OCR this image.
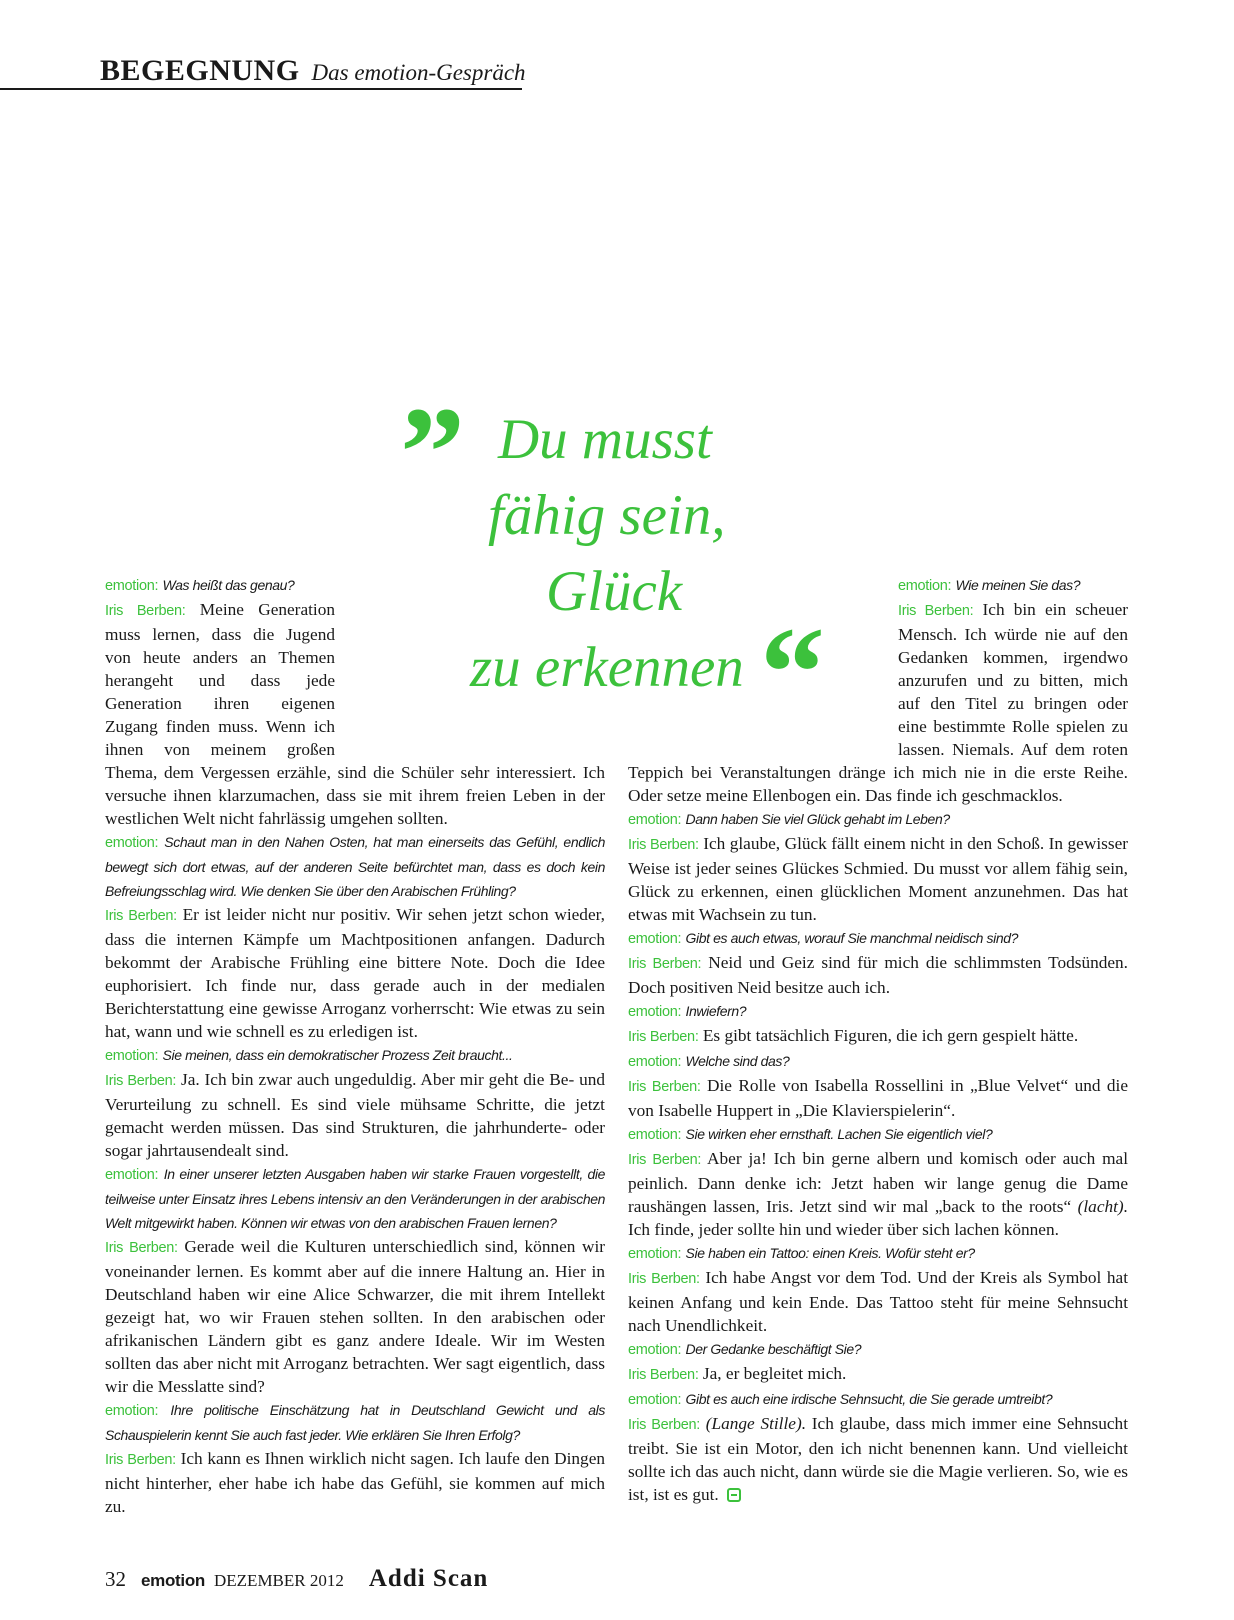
BEGEGNUNG Das emotion-Gespräch
” Du musst
fähig sein,
Glück
zu erkennen “

emotion: Was heißt das genau?

Iris Berben: Meine Generation muss lernen, dass die Jugend von heute anders an Themen herangeht und dass jede Generation ihren eigenen Zugang finden muss. Wenn ich ihnen von meinem großen Thema, dem Vergessen erzähle, sind die Schüler sehr interessiert. Ich versuche ihnen klarzumachen, dass sie mit ihrem freien Leben in der westlichen Welt nicht fahrlässig umgehen sollten.

emotion: Schaut man in den Nahen Osten, hat man einerseits das Gefühl, endlich bewegt sich dort etwas, auf der anderen Seite befürchtet man, dass es doch kein Befreiungsschlag wird. Wie denken Sie über den Arabischen Frühling?

Iris Berben: Er ist leider nicht nur positiv. Wir sehen jetzt schon wieder, dass die internen Kämpfe um Machtpositionen anfangen. Dadurch bekommt der Arabische Frühling eine bittere Note. Doch die Idee euphorisiert. Ich finde nur, dass gerade auch in der medialen Berichterstattung eine gewisse Arroganz vorherrscht: Wie etwas zu sein hat, wann und wie schnell es zu erledigen ist.

emotion: Sie meinen, dass ein demokratischer Prozess Zeit braucht...

Iris Berben: Ja. Ich bin zwar auch ungeduldig. Aber mir geht die Be- und Verurteilung zu schnell. Es sind viele mühsame Schritte, die jetzt gemacht werden müssen. Das sind Strukturen, die jahrhunderte- oder sogar jahrtausendealt sind.

emotion: In einer unserer letzten Ausgaben haben wir starke Frauen vorgestellt, die teilweise unter Einsatz ihres Lebens intensiv an den Veränderungen in der arabischen Welt mitgewirkt haben. Können wir etwas von den arabischen Frauen lernen?

Iris Berben: Gerade weil die Kulturen unterschiedlich sind, können wir voneinander lernen. Es kommt aber auf die innere Haltung an. Hier in Deutschland haben wir eine Alice Schwarzer, die mit ihrem Intellekt gezeigt hat, wo wir Frauen stehen sollten. In den arabischen oder afrikanischen Ländern gibt es ganz andere Ideale. Wir im Westen sollten das aber nicht mit Arroganz betrachten. Wer sagt eigentlich, dass wir die Messlatte sind?

emotion: Ihre politische Einschätzung hat in Deutschland Gewicht und als Schauspielerin kennt Sie auch fast jeder. Wie erklären Sie Ihren Erfolg?

Iris Berben: Ich kann es Ihnen wirklich nicht sagen. Ich laufe den Dingen nicht hinterher, eher habe ich habe das Gefühl, sie kommen auf mich zu.

emotion: Wie meinen Sie das?

Iris Berben: Ich bin ein scheuer Mensch. Ich würde nie auf den Gedanken kommen, irgendwo anzurufen und zu bitten, mich auf den Titel zu bringen oder eine bestimmte Rolle spielen zu lassen. Niemals. Auf dem roten Teppich bei Veranstaltungen dränge ich mich nie in die erste Reihe. Oder setze meine Ellenbogen ein. Das finde ich geschmacklos.

emotion: Dann haben Sie viel Glück gehabt im Leben?

Iris Berben: Ich glaube, Glück fällt einem nicht in den Schoß. In gewisser Weise ist jeder seines Glückes Schmied. Du musst vor allem fähig sein, Glück zu erkennen, einen glücklichen Moment anzunehmen. Das hat etwas mit Wachsein zu tun.

emotion: Gibt es auch etwas, worauf Sie manchmal neidisch sind?

Iris Berben: Neid und Geiz sind für mich die schlimmsten Todsünden. Doch positiven Neid besitze auch ich.

emotion: Inwiefern?

Iris Berben: Es gibt tatsächlich Figuren, die ich gern gespielt hätte.

emotion: Welche sind das?

Iris Berben: Die Rolle von Isabella Rossellini in „Blue Velvet“ und die von Isabelle Huppert in „Die Klavierspielerin“.

emotion: Sie wirken eher ernsthaft. Lachen Sie eigentlich viel?

Iris Berben: Aber ja! Ich bin gerne albern und komisch oder auch mal peinlich. Dann denke ich: Jetzt haben wir lange genug die Dame raushängen lassen, Iris. Jetzt sind wir mal „back to the roots“ (lacht). Ich finde, jeder sollte hin und wieder über sich lachen können.

emotion: Sie haben ein Tattoo: einen Kreis. Wofür steht er?

Iris Berben: Ich habe Angst vor dem Tod. Und der Kreis als Symbol hat keinen Anfang und kein Ende. Das Tattoo steht für meine Sehnsucht nach Unendlichkeit.

emotion: Der Gedanke beschäftigt Sie?

Iris Berben: Ja, er begleitet mich.

emotion: Gibt es auch eine irdische Sehnsucht, die Sie gerade umtreibt?

Iris Berben: (Lange Stille). Ich glaube, dass mich immer eine Sehnsucht treibt. Sie ist ein Motor, den ich nicht benennen kann. Und vielleicht sollte ich das auch nicht, dann würde sie die Magie verlieren. So, wie es ist, ist es gut.

32 emotion DEZEMBER 2012 Addi Scan
